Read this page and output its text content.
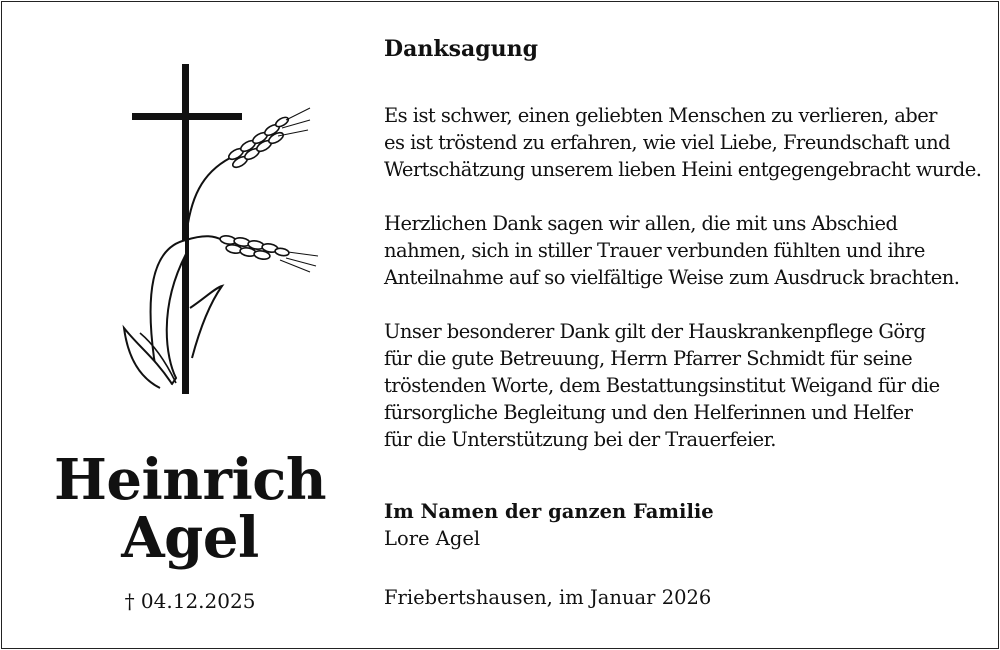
Heinrich
Agel
† 04.12.2025
Danksagung
Es ist schwer, einen geliebten Menschen zu verlieren, aber
es ist tröstend zu erfahren, wie viel Liebe, Freundschaft und
Wertschätzung unserem lieben Heini entgegengebracht wurde.
Herzlichen Dank sagen wir allen, die mit uns Abschied
nahmen, sich in stiller Trauer verbunden fühlten und ihre
Anteilnahme auf so vielfältige Weise zum Ausdruck brachten.
Unser besonderer Dank gilt der Hauskrankenpflege Görg
für die gute Betreuung, Herrn Pfarrer Schmidt für seine
tröstenden Worte, dem Bestattungsinstitut Weigand für die
fürsorgliche Begleitung und den Helferinnen und Helfer
für die Unterstützung bei der Trauerfeier.
Im Namen der ganzen Familie
Lore Agel
Friebertshausen, im Januar 2026
